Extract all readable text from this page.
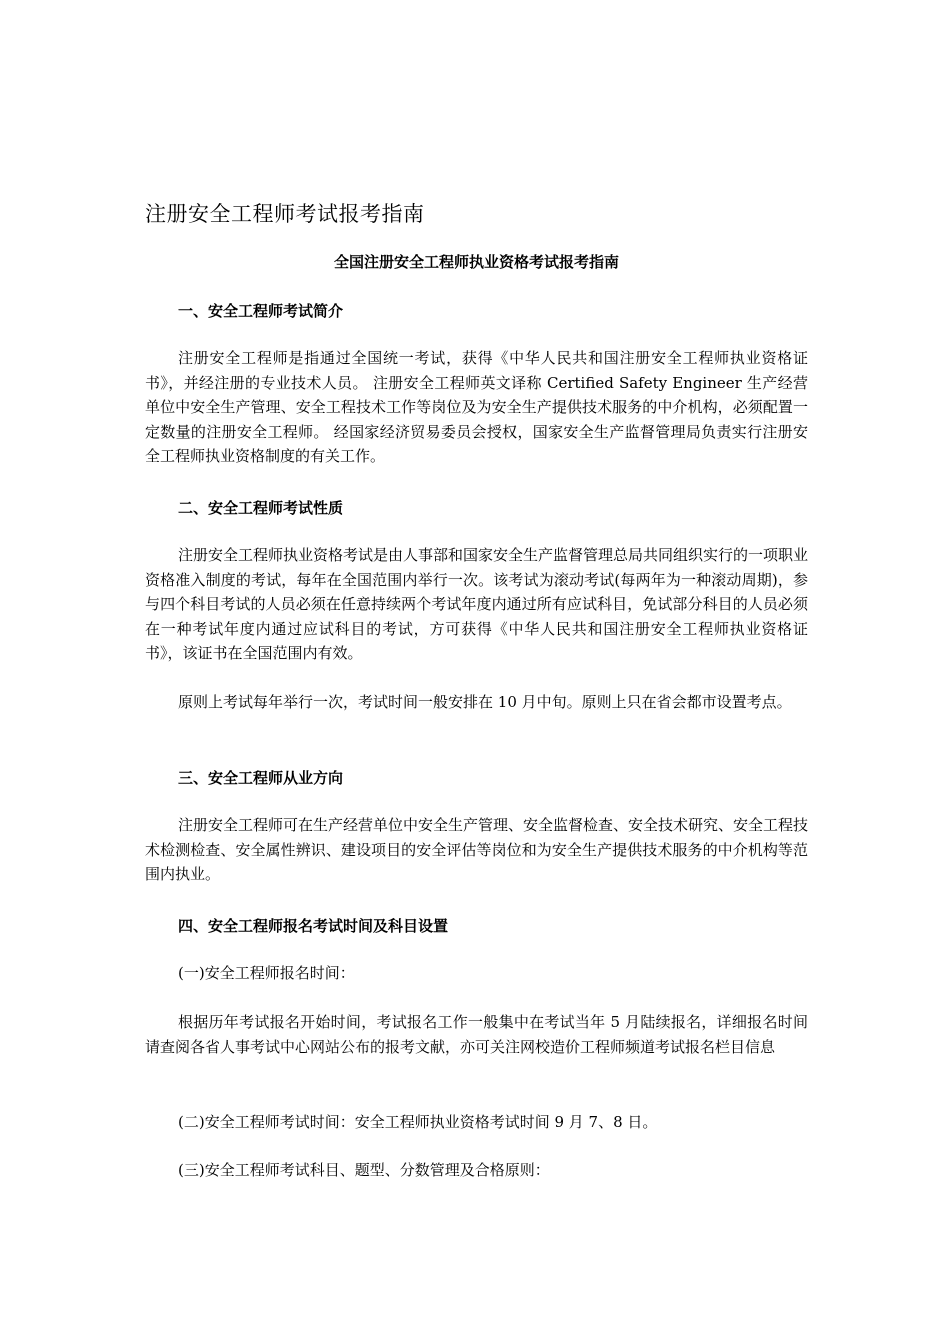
注册安全工程师考试报考指南
全国注册安全工程师执业资格考试报考指南
一、安全工程师考试简介

注册安全工程师是指通过全国统一考试，获得《中华人民共和国注册安全工程师执业资格证书》，并经注册的专业技术人员。 注册安全工程师英文译称 Certified Safety Engineer 生产经营单位中安全生产管理、安全工程技术工作等岗位及为安全生产提供技术服务的中介机构，必须配置一定数量的注册安全工程师。 经国家经济贸易委员会授权，国家安全生产监督管理局负责实行注册安全工程师执业资格制度的有关工作。

二、安全工程师考试性质

注册安全工程师执业资格考试是由人事部和国家安全生产监督管理总局共同组织实行的一项职业资格准入制度的考试，每年在全国范围内举行一次。该考试为滚动考试(每两年为一种滚动周期)，参与四个科目考试的人员必须在任意持续两个考试年度内通过所有应试科目，免试部分科目的人员必须在一种考试年度内通过应试科目的考试，方可获得《中华人民共和国注册安全工程师执业资格证书》，该证书在全国范围内有效。

原则上考试每年举行一次，考试时间一般安排在 10 月中旬。原则上只在省会都市设置考点。

三、安全工程师从业方向

注册安全工程师可在生产经营单位中安全生产管理、安全监督检查、安全技术研究、安全工程技术检测检查、安全属性辨识、建设项目的安全评估等岗位和为安全生产提供技术服务的中介机构等范围内执业。

四、安全工程师报名考试时间及科目设置

(一)安全工程师报名时间：

根据历年考试报名开始时间，考试报名工作一般集中在考试当年 5 月陆续报名，详细报名时间请查阅各省人事考试中心网站公布的报考文献，亦可关注网校造价工程师频道考试报名栏目信息

(二)安全工程师考试时间：安全工程师执业资格考试时间 9 月 7、8 日。

(三)安全工程师考试科目、题型、分数管理及合格原则：
